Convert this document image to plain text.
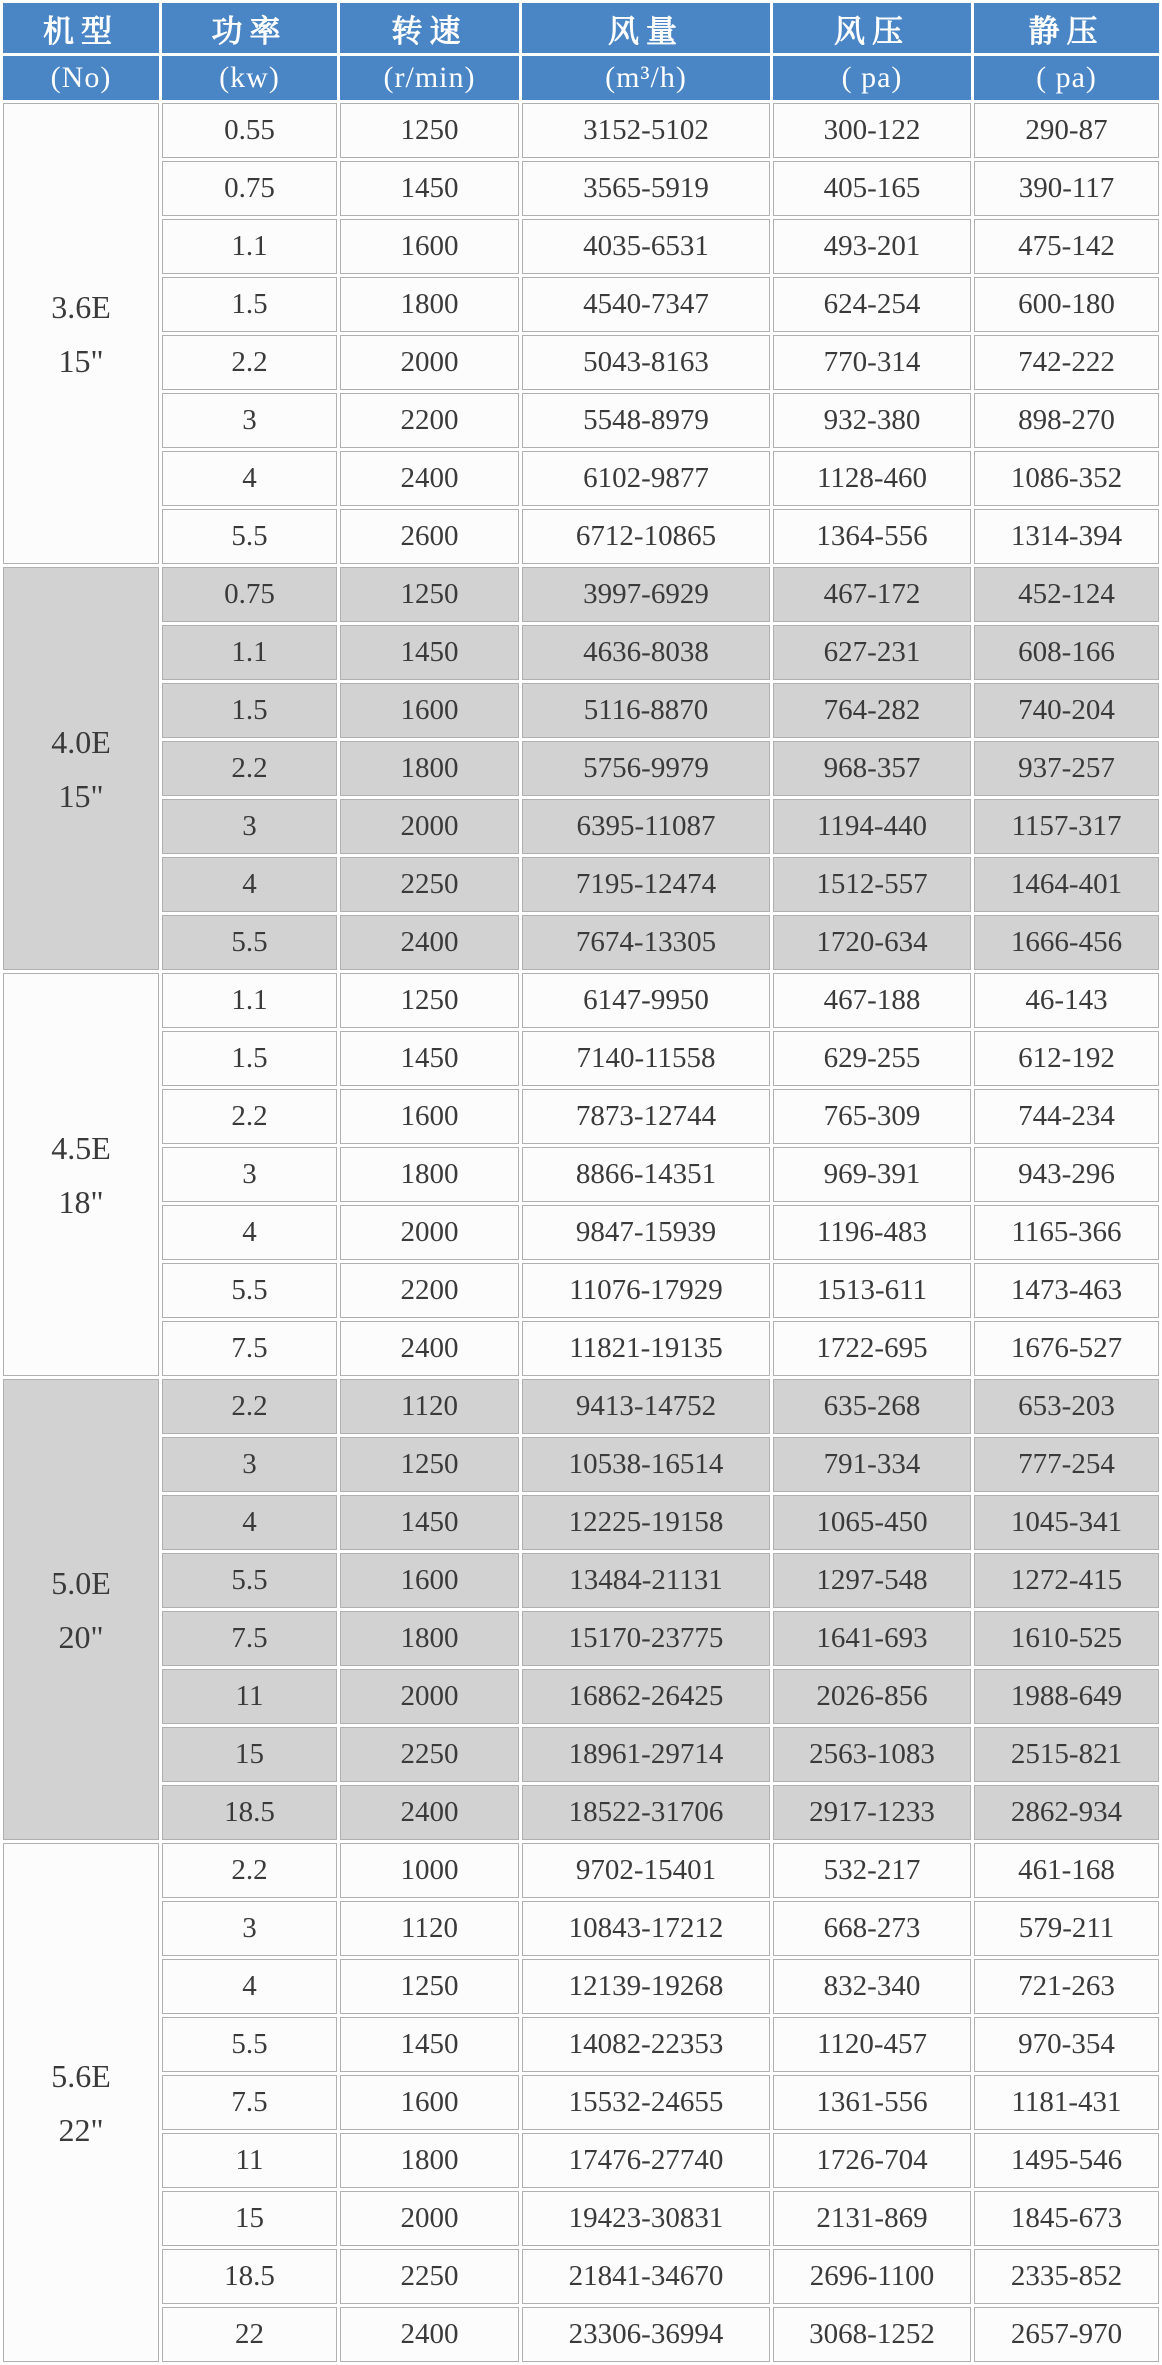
机型	功率	转速	风量	风压	静压
(No)	(kw)	(r/min)	(m³/h)	( pa)	( pa)

3.6E
15"	0.55	1250	3152-5102	300-122	290-87
	0.75	1450	3565-5919	405-165	390-117
	1.1	1600	4035-6531	493-201	475-142
	1.5	1800	4540-7347	624-254	600-180
	2.2	2000	5043-8163	770-314	742-222
	3	2200	5548-8979	932-380	898-270
	4	2400	6102-9877	1128-460	1086-352
	5.5	2600	6712-10865	1364-556	1314-394

4.0E
15"	0.75	1250	3997-6929	467-172	452-124
	1.1	1450	4636-8038	627-231	608-166
	1.5	1600	5116-8870	764-282	740-204
	2.2	1800	5756-9979	968-357	937-257
	3	2000	6395-11087	1194-440	1157-317
	4	2250	7195-12474	1512-557	1464-401
	5.5	2400	7674-13305	1720-634	1666-456

4.5E
18"	1.1	1250	6147-9950	467-188	46-143
	1.5	1450	7140-11558	629-255	612-192
	2.2	1600	7873-12744	765-309	744-234
	3	1800	8866-14351	969-391	943-296
	4	2000	9847-15939	1196-483	1165-366
	5.5	2200	11076-17929	1513-611	1473-463
	7.5	2400	11821-19135	1722-695	1676-527

5.0E
20"	2.2	1120	9413-14752	635-268	653-203
	3	1250	10538-16514	791-334	777-254
	4	1450	12225-19158	1065-450	1045-341
	5.5	1600	13484-21131	1297-548	1272-415
	7.5	1800	15170-23775	1641-693	1610-525
	11	2000	16862-26425	2026-856	1988-649
	15	2250	18961-29714	2563-1083	2515-821
	18.5	2400	18522-31706	2917-1233	2862-934

5.6E
22"	2.2	1000	9702-15401	532-217	461-168
	3	1120	10843-17212	668-273	579-211
	4	1250	12139-19268	832-340	721-263
	5.5	1450	14082-22353	1120-457	970-354
	7.5	1600	15532-24655	1361-556	1181-431
	11	1800	17476-27740	1726-704	1495-546
	15	2000	19423-30831	2131-869	1845-673
	18.5	2250	21841-34670	2696-1100	2335-852
	22	2400	23306-36994	3068-1252	2657-970
